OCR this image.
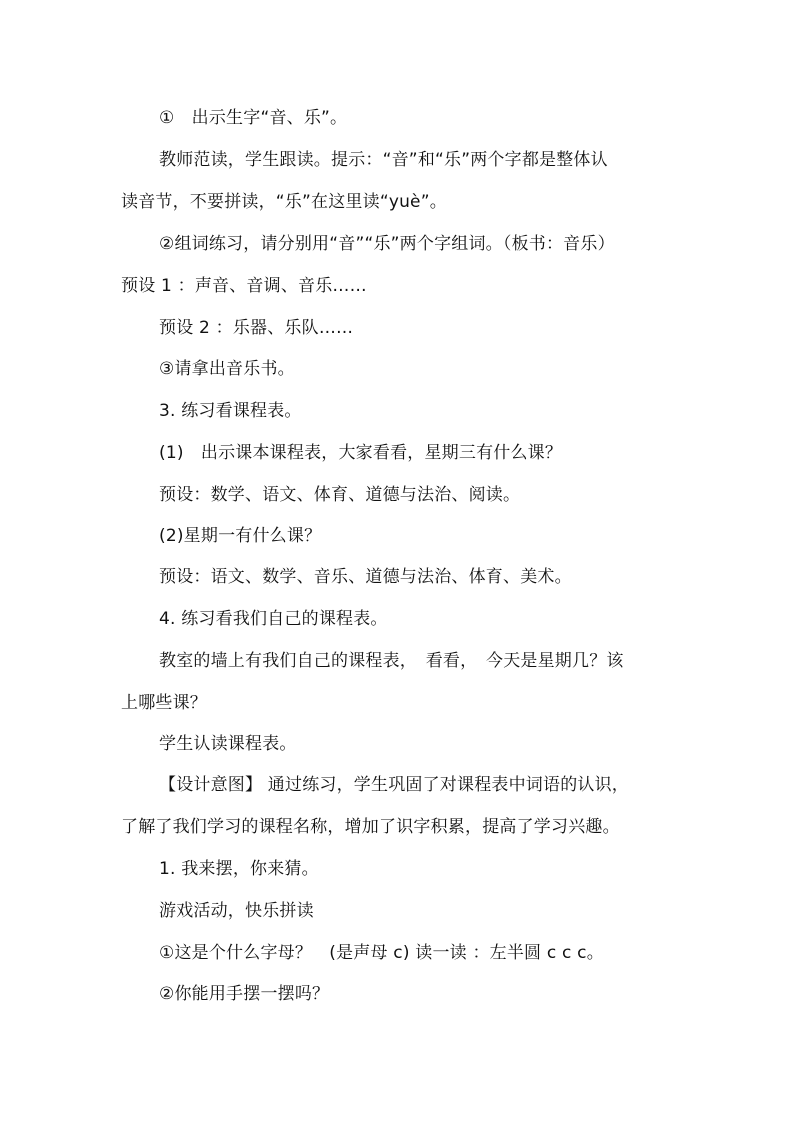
①　出示生字“音、乐”。
教师范读，学生跟读。提示：“音”和“乐”两个字都是整体认
读音节，不要拼读，“乐”在这里读“yuè”。
②组词练习，请分别用“音”“乐”两个字组词。（板书：音乐）
预设 1 ：声音、音调、音乐……
预设 2 ：乐器、乐队……
③请拿出音乐书。
3. 练习看课程表。
(1)　出示课本课程表，大家看看，星期三有什么课？
预设：数学、语文、体育、道德与法治、阅读。
(2)星期一有什么课？
预设：语文、数学、音乐、道德与法治、体育、美术。
4. 练习看我们自己的课程表。
教室的墙上有我们自己的课程表，　看看，　今天是星期几？该
上哪些课？
学生认读课程表。
【设计意图】 通过练习，学生巩固了对课程表中词语的认识，
了解了我们学习的课程名称，增加了识字积累，提高了学习兴趣。
1. 我来摆，你来猜。
游戏活动，快乐拼读
①这是个什么字母？　(是声母 c) 读一读 ：左半圆 c c c。
②你能用手摆一摆吗？
